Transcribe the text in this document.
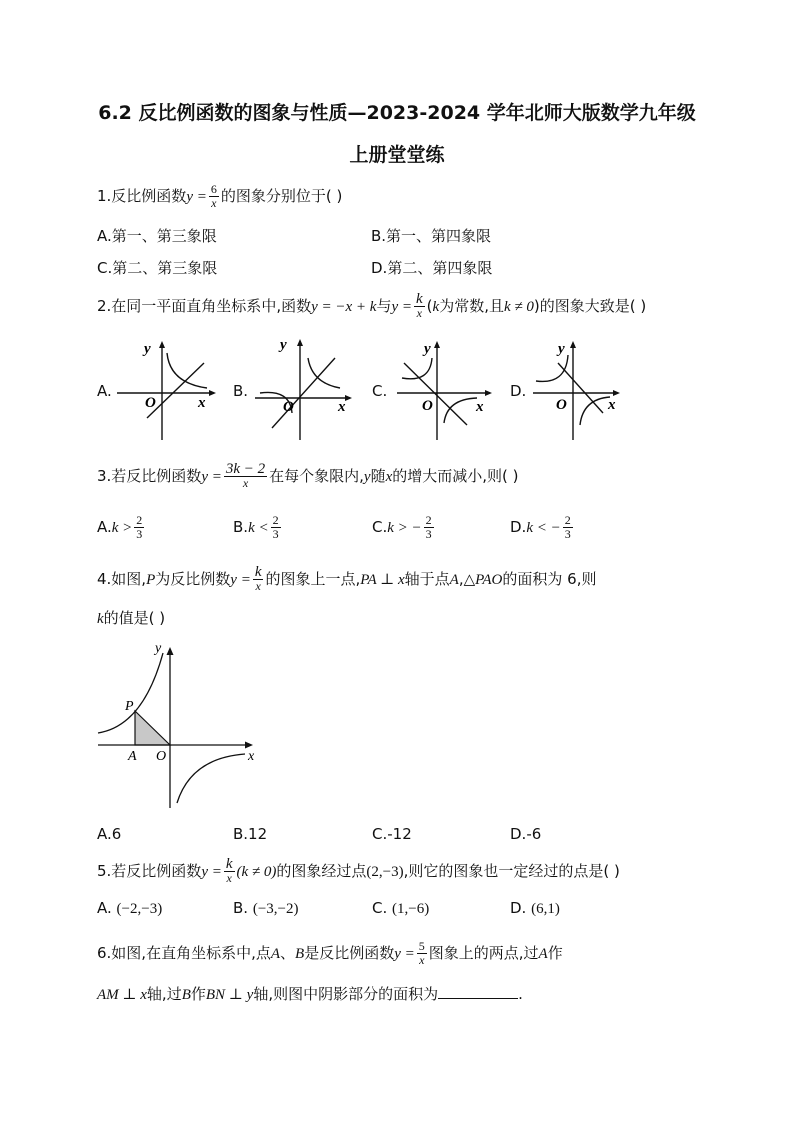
6.2 反比例函数的图象与性质—2023-2024 学年北师大版数学九年级
上册堂堂练
1.反比例函数$y = \frac{6}{x}$ 的图象分别位于( )
A.第一、第三象限	B.第一、第四象限
C.第二、第三象限	D.第二、第四象限
2.在同一平面直角坐标系中,函数y = −x + k与$y = \frac{k}{x} (k$为常数,且k ≠ 0)的图象大致是( )
A.	B.	C.	D.
y
x
O
y
x
O
y
x
O
y
x
O
3.若反比例函数$y = \frac{3k - 2}{x}$ 在每个象限内,y随x的增大而减小,则( )
$A.k > \frac{2}{3}$	$B.k < \frac{2}{3}$	C.k > − $\frac{2}{3}$	D.k < − $\frac{2}{3}$
4.如图,P为反比例数$y = \frac{k}{x}$ 的图象上一点,PA ⊥ x轴于点A,△PAO的面积为 6,则
k的值是( )
y
x
P
A O
A.6	B.12	C.-12	D.-6
5.若反比例函数$y = \frac{k}{x} (k \ne 0)$的图象经过点(2,−3),则它的图象也一定经过的点是( )
A. (−2,−3)	B. (−3,−2)	C. (1,−6)	D. (6,1)
6.如图,在直角坐标系中,点A、B是反比例函数$y = \frac{5}{x}$ 图象上的两点,过A作
AM ⊥ x轴,过B作BN ⊥ y轴,则图中阴影部分的面积为	.
